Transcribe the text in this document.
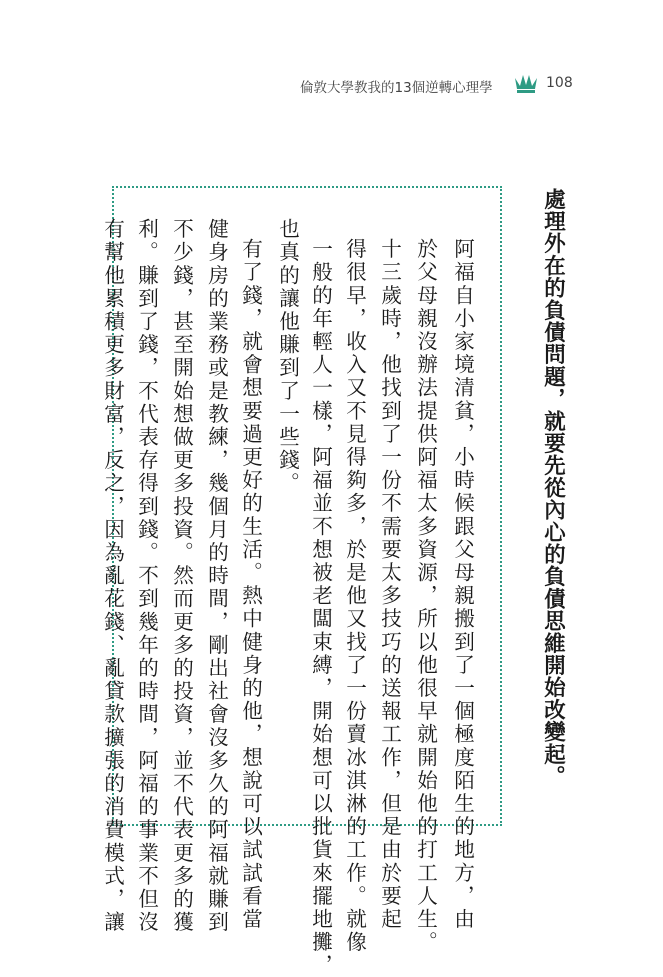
倫敦大學教我的13個逆轉心理學	108
處理外在的負債問題，就要先從內心的負債思維開始改變起。
阿福自小家境清貧，小時候跟父母親搬到了一個極度陌生的地方，由
於父母親沒辦法提供阿福太多資源，所以他很早就開始他的打工人生。
十三歲時，他找到了一份不需要太多技巧的送報工作，但是由於要起
得很早，收入又不見得夠多，於是他又找了一份賣冰淇淋的工作。就像
一般的年輕人一樣，阿福並不想被老闆束縛，開始想可以批貨來擺地攤，
也真的讓他賺到了一些錢。
有了錢，就會想要過更好的生活。熱中健身的他，想說可以試試看當
健身房的業務或是教練，幾個月的時間，剛出社會沒多久的阿福就賺到
不少錢，甚至開始想做更多投資。然而更多的投資，並不代表更多的獲
利。賺到了錢，不代表存得到錢。不到幾年的時間，阿福的事業不但沒
有幫他累積更多財富，反之，因為亂花錢、亂貸款擴張的消費模式，讓
